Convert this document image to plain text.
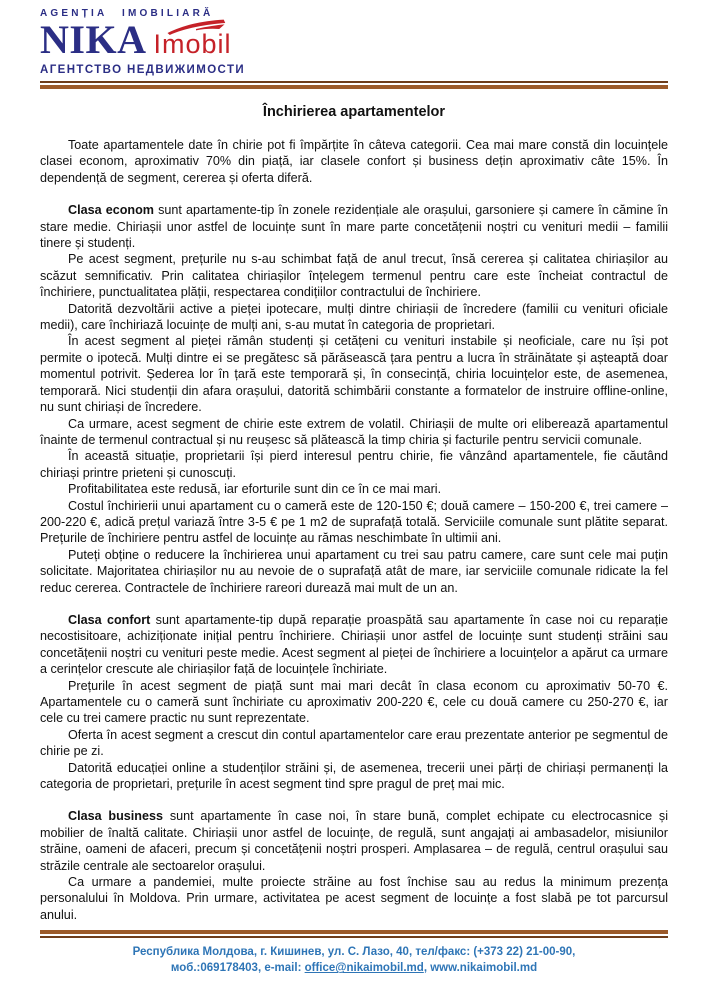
AGENȚIA IMOBILIARĂ
NIKA Imobil
АГЕНТСТВО НЕДВИЖИМОСТИ
Închirierea apartamentelor

Toate apartamentele date în chirie pot fi împărțite în câteva categorii. Cea mai mare constă din locuințele clasei econom, aproximativ 70% din piață, iar clasele confort și business dețin aproximativ câte 15%. În dependență de segment, cererea și oferta diferă.

Clasa econom sunt apartamente-tip în zonele rezidențiale ale orașului, garsoniere și camere în cămine în stare medie. Chiriașii unor astfel de locuințe sunt în mare parte concetățenii noștri cu venituri medii – familii tinere și studenți.

Pe acest segment, prețurile nu s-au schimbat față de anul trecut, însă cererea și calitatea chiriașilor au scăzut semnificativ. Prin calitatea chiriașilor înțelegem termenul pentru care este încheiat contractul de închiriere, punctualitatea plății, respectarea condițiilor contractului de închiriere.

Datorită dezvoltării active a pieței ipotecare, mulți dintre chiriașii de încredere (familii cu venituri oficiale medii), care închiriază locuințe de mulți ani, s-au mutat în categoria de proprietari.

În acest segment al pieței rămân studenți și cetățeni cu venituri instabile și neoficiale, care nu își pot permite o ipotecă. Mulți dintre ei se pregătesc să părăsească țara pentru a lucra în străinătate și așteaptă doar momentul potrivit. Șederea lor în țară este temporară și, în consecință, chiria locuințelor este, de asemenea, temporară. Nici studenții din afara orașului, datorită schimbării constante a formatelor de instruire offline-online, nu sunt chiriași de încredere.

Ca urmare, acest segment de chirie este extrem de volatil. Chiriașii de multe ori eliberează apartamentul înainte de termenul contractual și nu reușesc să plătească la timp chiria și facturile pentru servicii comunale.

În această situație, proprietarii își pierd interesul pentru chirie, fie vânzând apartamentele, fie căutând chiriași printre prieteni și cunoscuți.

Profitabilitatea este redusă, iar eforturile sunt din ce în ce mai mari.

Costul închirierii unui apartament cu o cameră este de 120-150 €; două camere – 150-200 €, trei camere – 200-220 €, adică prețul variază între 3-5 € pe 1 m2 de suprafață totală. Serviciile comunale sunt plătite separat. Prețurile de închiriere pentru astfel de locuințe au rămas neschimbate în ultimii ani.

Puteți obține o reducere la închirierea unui apartament cu trei sau patru camere, care sunt cele mai puțin solicitate. Majoritatea chiriașilor nu au nevoie de o suprafață atât de mare, iar serviciile comunale ridicate la fel reduc cererea. Contractele de închiriere rareori durează mai mult de un an.

Clasa confort sunt apartamente-tip după reparație proaspătă sau apartamente în case noi cu reparație necostisitoare, achiziționate inițial pentru închiriere. Chiriașii unor astfel de locuințe sunt studenți străini sau concetățenii noștri cu venituri peste medie. Acest segment al pieței de închiriere a locuințelor a apărut ca urmare a cerințelor crescute ale chiriașilor față de locuințele închiriate.

Prețurile în acest segment de piață sunt mai mari decât în clasa econom cu aproximativ 50-70 €. Apartamentele cu o cameră sunt închiriate cu aproximativ 200-220 €, cele cu două camere cu 250-270 €, iar cele cu trei camere practic nu sunt reprezentate.

Oferta în acest segment a crescut din contul apartamentelor care erau prezentate anterior pe segmentul de chirie pe zi.

Datorită educației online a studenților străini și, de asemenea, trecerii unei părți de chiriași permanenți la categoria de proprietari, prețurile în acest segment tind spre pragul de preț mai mic.

Clasa business sunt apartamente în case noi, în stare bună, complet echipate cu electrocasnice și mobilier de înaltă calitate. Chiriașii unor astfel de locuințe, de regulă, sunt angajați ai ambasadelor, misiunilor străine, oameni de afaceri, precum și concetățenii noștri prosperi. Amplasarea – de regulă, centrul orașului sau străzile centrale ale sectoarelor orașului.

Ca urmare a pandemiei, multe proiecte străine au fost închise sau au redus la minimum prezența personalului în Moldova. Prin urmare, activitatea pe acest segment de locuințe a fost slabă pe tot parcursul anului.

Республика Молдова, г. Кишинев, ул. С. Лазо, 40, тел/факс: (+373 22) 21-00-90,
моб.:069178403, e-mail: office@nikaimobil.md, www.nikaimobil.md
